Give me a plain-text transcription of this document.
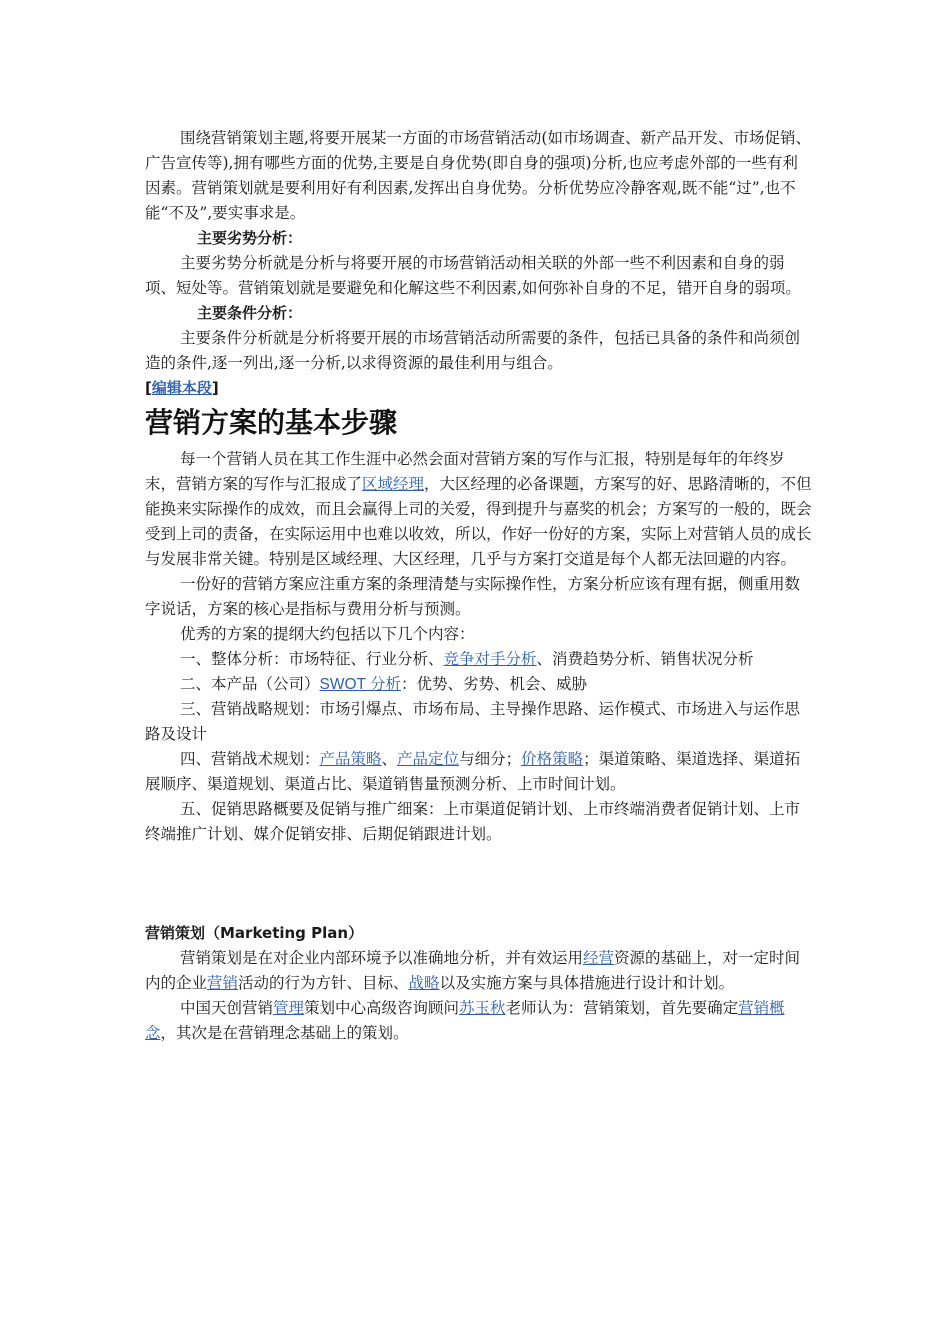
围绕营销策划主题,将要开展某一方面的市场营销活动(如市场调查、新产品开发、市场促销、广告宣传等),拥有哪些方面的优势,主要是自身优势(即自身的强项)分析,也应考虑外部的一些有利因素。营销策划就是要利用好有利因素,发挥出自身优势。分析优势应冷静客观,既不能“过”,也不能“不及”,要实事求是。

主要劣势分析：

主要劣势分析就是分析与将要开展的市场营销活动相关联的外部一些不利因素和自身的弱项、短处等。营销策划就是要避免和化解这些不利因素,如何弥补自身的不足，错开自身的弱项。

主要条件分析：

主要条件分析就是分析将要开展的市场营销活动所需要的条件，包括已具备的条件和尚须创造的条件,逐一列出,逐一分析,以求得资源的最佳利用与组合。

[编辑本段]

营销方案的基本步骤

每一个营销人员在其工作生涯中必然会面对营销方案的写作与汇报，特别是每年的年终岁末，营销方案的写作与汇报成了区域经理，大区经理的必备课题，方案写的好、思路清晰的，不但能换来实际操作的成效，而且会赢得上司的关爱，得到提升与嘉奖的机会；方案写的一般的，既会受到上司的责备，在实际运用中也难以收效，所以，作好一份好的方案，实际上对营销人员的成长与发展非常关键。特别是区域经理、大区经理，几乎与方案打交道是每个人都无法回避的内容。

一份好的营销方案应注重方案的条理清楚与实际操作性，方案分析应该有理有据，侧重用数字说话，方案的核心是指标与费用分析与预测。

优秀的方案的提纲大约包括以下几个内容：

一、整体分析：市场特征、行业分析、竞争对手分析、消费趋势分析、销售状况分析

二、本产品（公司）SWOT 分析：优势、劣势、机会、威胁

三、营销战略规划：市场引爆点、市场布局、主导操作思路、运作模式、市场进入与运作思路及设计

四、营销战术规划：产品策略、产品定位与细分；价格策略；渠道策略、渠道选择、渠道拓展顺序、渠道规划、渠道占比、渠道销售量预测分析、上市时间计划。

五、促销思路概要及促销与推广细案：上市渠道促销计划、上市终端消费者促销计划、上市终端推广计划、媒介促销安排、后期促销跟进计划。

营销策划（Marketing Plan）

营销策划是在对企业内部环境予以准确地分析，并有效运用经营资源的基础上，对一定时间内的企业营销活动的行为方针、目标、战略以及实施方案与具体措施进行设计和计划。

中国天创营销管理策划中心高级咨询顾问苏玉秋老师认为：营销策划，首先要确定营销概念，其次是在营销理念基础上的策划。
